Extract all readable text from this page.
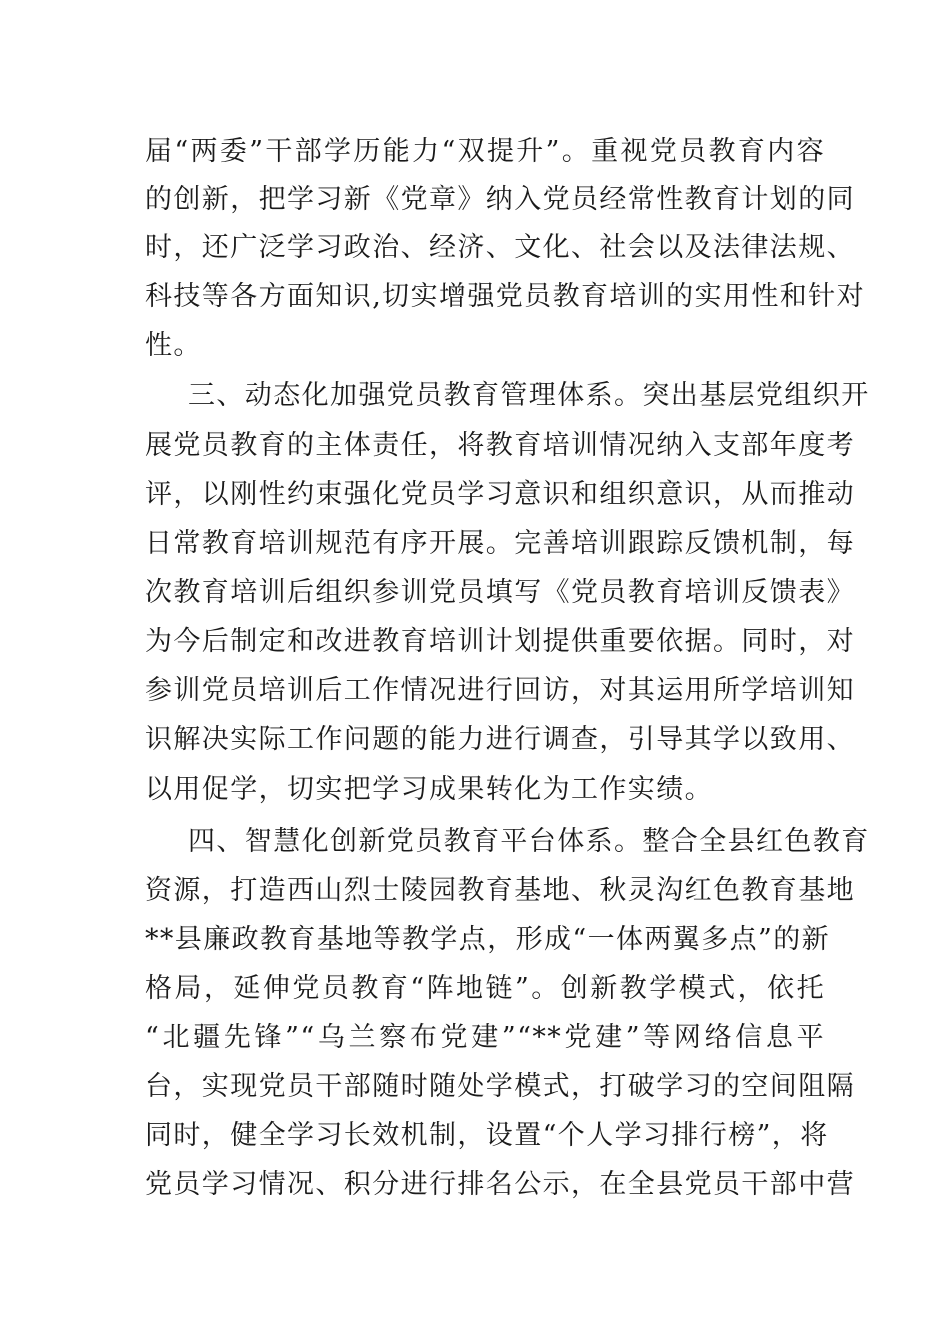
届“两委”干部学历能力“双提升”。重视党员教育内容
的创新，把学习新《党章》纳入党员经常性教育计划的同
时，还广泛学习政治、经济、文化、社会以及法律法规、
科技等各方面知识,切实增强党员教育培训的实用性和针对
性。
三、动态化加强党员教育管理体系。突出基层党组织开
展党员教育的主体责任，将教育培训情况纳入支部年度考
评，以刚性约束强化党员学习意识和组织意识，从而推动
日常教育培训规范有序开展。完善培训跟踪反馈机制，每
次教育培训后组织参训党员填写《党员教育培训反馈表》
为今后制定和改进教育培训计划提供重要依据。同时，对
参训党员培训后工作情况进行回访，对其运用所学培训知
识解决实际工作问题的能力进行调查，引导其学以致用、
以用促学，切实把学习成果转化为工作实绩。
四、智慧化创新党员教育平台体系。整合全县红色教育
资源，打造西山烈士陵园教育基地、秋灵沟红色教育基地
**县廉政教育基地等教学点，形成“一体两翼多点”的新
格局，延伸党员教育“阵地链”。创新教学模式，依托
“北疆先锋”“乌兰察布党建”“**党建”等网络信息平
台，实现党员干部随时随处学模式，打破学习的空间阻隔
同时，健全学习长效机制，设置“个人学习排行榜”，将
党员学习情况、积分进行排名公示，在全县党员干部中营
